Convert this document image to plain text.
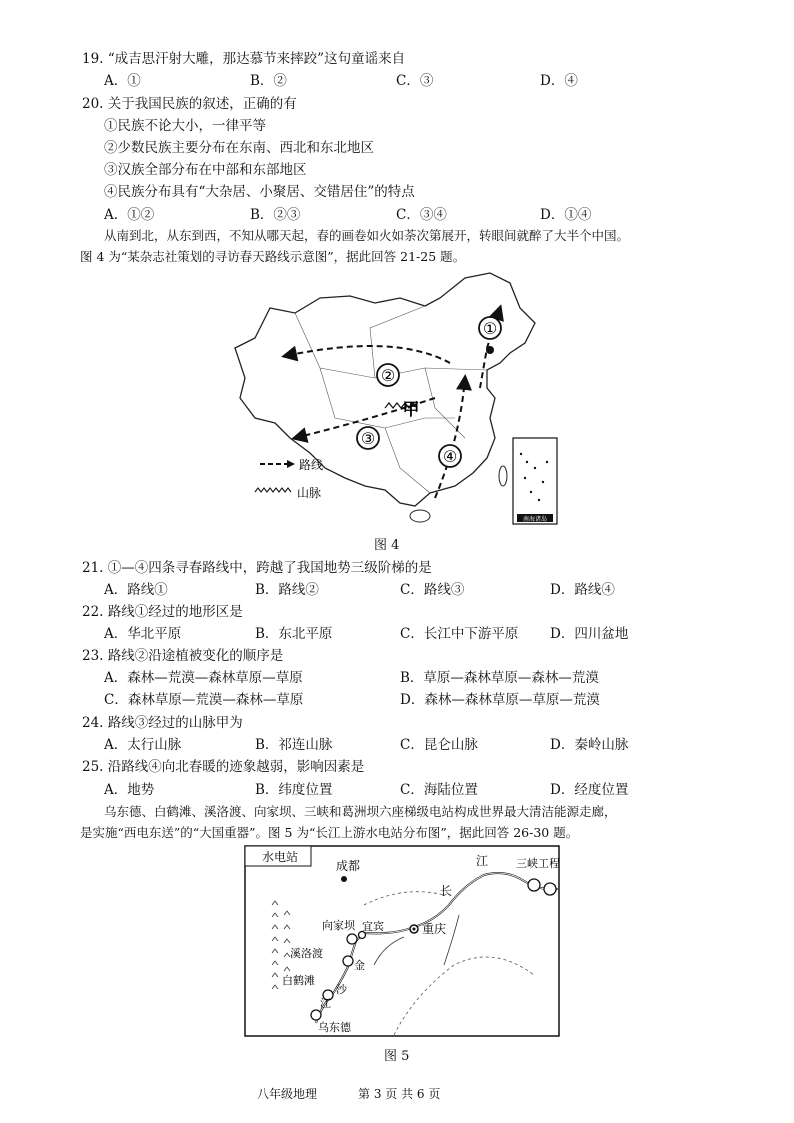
19. “成吉思汗射大雕，那达慕节来摔跤”这句童谣来自
A．①	B．②	C．③	D．④
20. 关于我国民族的叙述，正确的有
①民族不论大小，一律平等
②少数民族主要分布在东南、西北和东北地区
③汉族全部分布在中部和东部地区
④民族分布具有“大杂居、小聚居、交错居住”的特点
A．①②	B．②③	C．③④	D．①④
从南到北，从东到西，不知从哪天起，春的画卷如火如荼次第展开，转眼间就醉了大半个中国。
图 4 为“某杂志社策划的寻访春天路线示意图”，据此回答 21-25 题。
①
②
③
④
甲
路线
山脉
南海诸岛
图 4
21. ①—④四条寻春路线中，跨越了我国地势三级阶梯的是
A．路线①	B．路线②	C．路线③	D．路线④
22. 路线①经过的地形区是
A．华北平原	B．东北平原	C．长江中下游平原 D．四川盆地
23. 路线②沿途植被变化的顺序是
A．森林—荒漠—森林草原—草原	B．草原—森林草原—森林—荒漠
C．森林草原—荒漠—森林—草原	D．森林—森林草原—草原—荒漠
24. 路线③经过的山脉甲为
A．太行山脉	B．祁连山脉	C．昆仑山脉	D．秦岭山脉
25. 沿路线④向北春暖的迹象越弱，影响因素是
A．地势	B．纬度位置	C．海陆位置	D．经度位置
乌东德、白鹤滩、溪洛渡、向家坝、三峡和葛洲坝六座梯级电站构成世界最大清洁能源走廊，
是实施“西电东送”的“大国重器”。图 5 为“长江上游水电站分布图”，据此回答 26-30 题。
水电站
成都
重庆
宜宾
向家坝
溪洛渡
白鹤滩
乌东德
三峡工程
江
长
金
沙
江
图 5
八年级地理	第 3 页 共 6 页
